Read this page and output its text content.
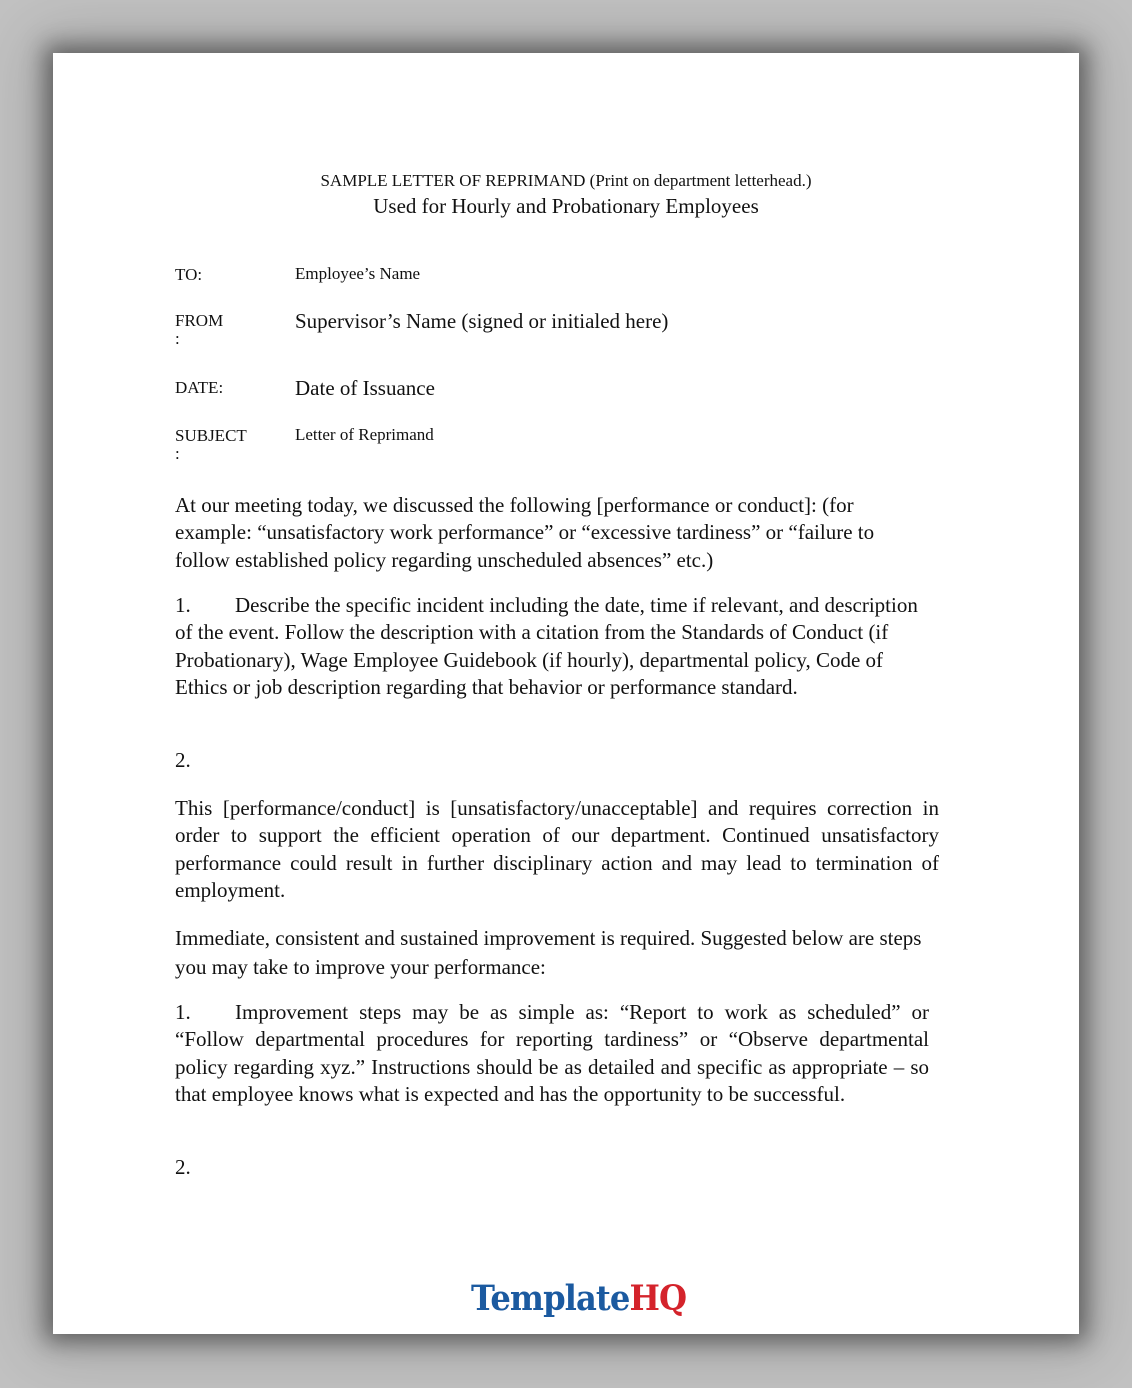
SAMPLE LETTER OF REPRIMAND (Print on department letterhead.)
Used for Hourly and Probationary Employees
TO:	Employee’s Name
FROM
:
Supervisor’s Name (signed or initialed here)
DATE:	Date of Issuance
SUBJECT
:
Letter of Reprimand
At our meeting today, we discussed the following [performance or conduct]: (for example: “unsatisfactory work performance” or “excessive tardiness” or “failure to follow established policy regarding unscheduled absences” etc.)
1. Describe the specific incident including the date, time if relevant, and description of the event. Follow the description with a citation from the Standards of Conduct (if Probationary), Wage Employee Guidebook (if hourly), departmental policy, Code of Ethics or job description regarding that behavior or performance standard.
2.
This [performance/conduct] is [unsatisfactory/unacceptable] and requires correction in order to support the efficient operation of our department. Continued unsatisfactory performance could result in further disciplinary action and may lead to termination of employment.
Immediate, consistent and sustained improvement is required. Suggested below are steps you may take to improve your performance:
1. Improvement steps may be as simple as: “Report to work as scheduled” or “Follow departmental procedures for reporting tardiness” or “Observe departmental policy regarding xyz.” Instructions should be as detailed and specific as appropriate – so that employee knows what is expected and has the opportunity to be successful.
2.
TemplateHQ
